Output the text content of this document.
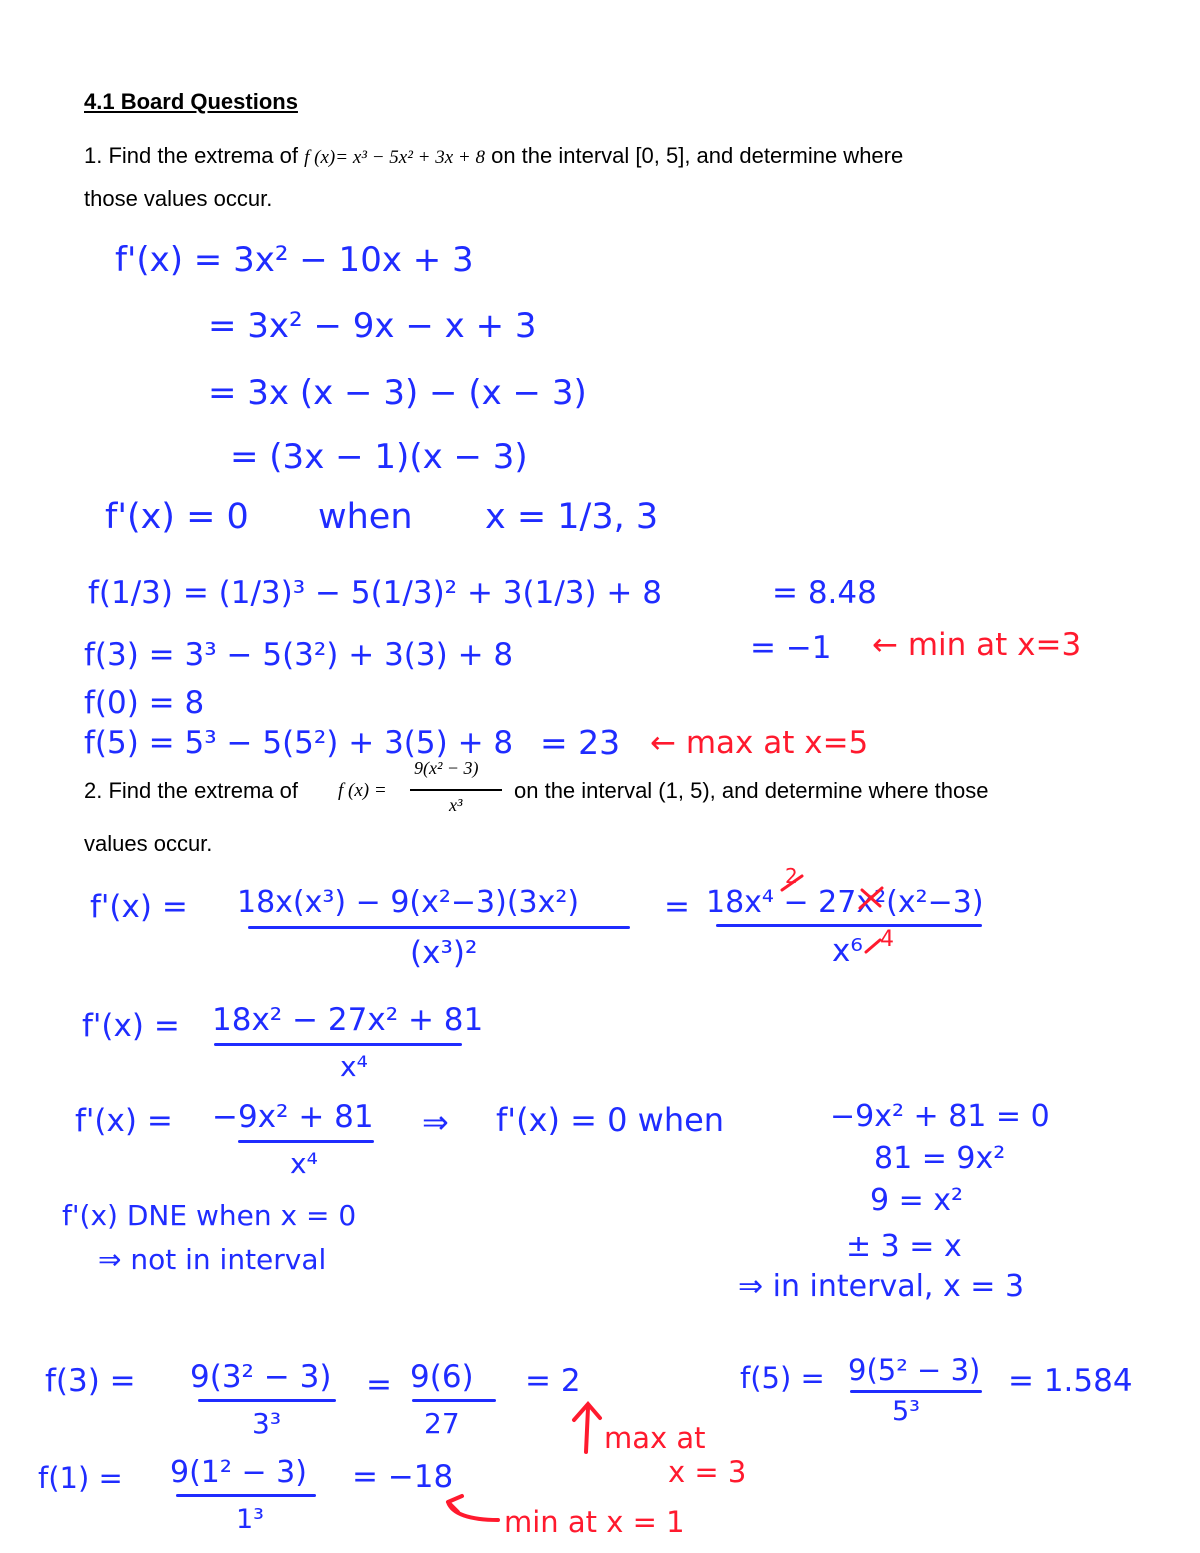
4.1 Board Questions
1. Find the extrema of f (x)= x³ − 5x² + 3x + 8 on the interval [0, 5], and determine where
those values occur.
2. Find the extrema of f (x) =
9(x² − 3)
x³
on the interval (1, 5), and determine where those
values occur.
f'(x) = 3x² − 10x + 3
= 3x² − 9x − x + 3
= 3x (x − 3) − (x − 3)
= (3x − 1)(x − 3)
f'(x) = 0 when x = 1/3, 3
f(1/3) = (1/3)³ − 5(1/3)² + 3(1/3) + 8	= 8.48
f(3) = 3³ − 5(3²) + 3(3) + 8	= −1 ← min at x=3
f(0) = 8
f(5) = 5³ − 5(5²) + 3(5) + 8 = 23 ← max at x=5
f'(x) = 18x(x³) − 9(x²−3)(3x²)
(x³)²
= 18x⁴ − 27x²(x²−3)
x⁶
2
4
f'(x) = 18x² − 27x² + 81
x⁴
f'(x) = −9x² + 81
x⁴
⇒ f'(x) = 0 when	−9x² + 81 = 0
81 = 9x²
9 = x²
± 3 = x
⇒ in interval, x = 3
f'(x) DNE when x = 0
⇒ not in interval
f(3) = 9(3² − 3)
3³
= 9(6)
27
= 2
max at
x = 3
f(5) = 9(5² − 3)
5³
= 1.584
f(1) = 9(1² − 3)
1³
= −18
min at x = 1
